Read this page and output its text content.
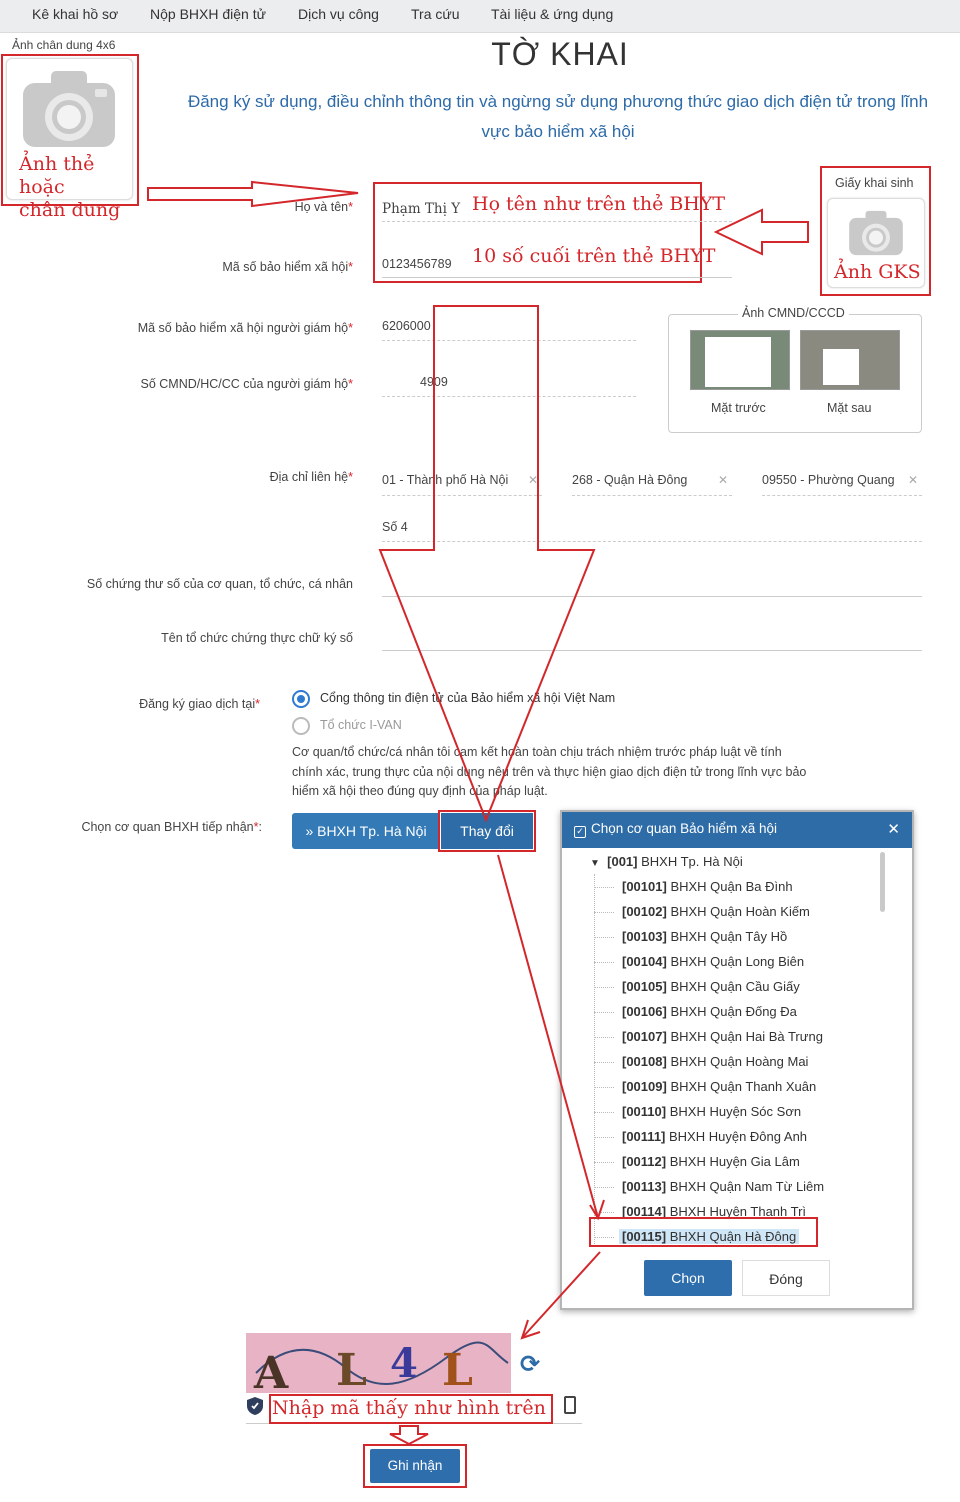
Kê khai hồ sơ Nộp BHXH điện tử Dịch vụ công Tra cứu Tài liệu & ứng dụng
TỜ KHAI
Đăng ký sử dụng, điều chỉnh thông tin và ngừng sử dụng phương thức giao dịch điện tử trong lĩnh
vực bảo hiểm xã hội
Ảnh chân dung 4x6
Ảnh thẻ hoặc
chân dung
Giấy khai sinh
Ảnh GKS
Họ và tên* Phạm Thị Y Họ tên như trên thẻ BHYT
Mã số bảo hiểm xã hội* 0123456789 10 số cuối trên thẻ BHYT
Mã số bảo hiểm xã hội người giám hộ* 6206000
Số CMND/HC/CC của người giám hộ*	4909
Ảnh CMND/CCCD
Mặt trước	Mặt sau
Địa chỉ liên hệ* 01 - Thành phố Hà Nội ✕	268 - Quận Hà Đông	✕	09550 - Phường Quang ✕
Số 4
Số chứng thư số của cơ quan, tổ chức, cá nhân
Tên tổ chức chứng thực chữ ký số
Đăng ký giao dịch tại*	Cổng thông tin điện tử của Bảo hiểm xã hội Việt Nam
Tổ chức I-VAN
Cơ quan/tổ chức/cá nhân tôi cam kết hoàn toàn chịu trách nhiệm trước pháp luật về tính
chính xác, trung thực của nội dung nêu trên và thực hiện giao dịch điện tử trong lĩnh vực bảo
hiểm xã hội theo đúng quy định của pháp luật.
Chọn cơ quan BHXH tiếp nhận*:	» BHXH Tp. Hà Nội	Thay đổi	✓ Chọn cơ quan Bảo hiểm xã hội	✕
▼ [001] BHXH Tp. Hà Nội
[00101] BHXH Quận Ba Đình
[00102] BHXH Quận Hoàn Kiếm
[00103] BHXH Quận Tây Hồ
[00104] BHXH Quận Long Biên
[00105] BHXH Quận Cầu Giấy
[00106] BHXH Quận Đống Đa
[00107] BHXH Quận Hai Bà Trưng
[00108] BHXH Quận Hoàng Mai
[00109] BHXH Quận Thanh Xuân
[00110] BHXH Huyện Sóc Sơn
[00111] BHXH Huyện Đông Anh
[00112] BHXH Huyện Gia Lâm
[00113] BHXH Quận Nam Từ Liêm
[00114] BHXH Huyện Thanh Trì
[00115] BHXH Quận Hà Đông
Chọn	Đóng
A L 4 L ⟳
Nhập mã thấy như hình trên
Ghi nhận
